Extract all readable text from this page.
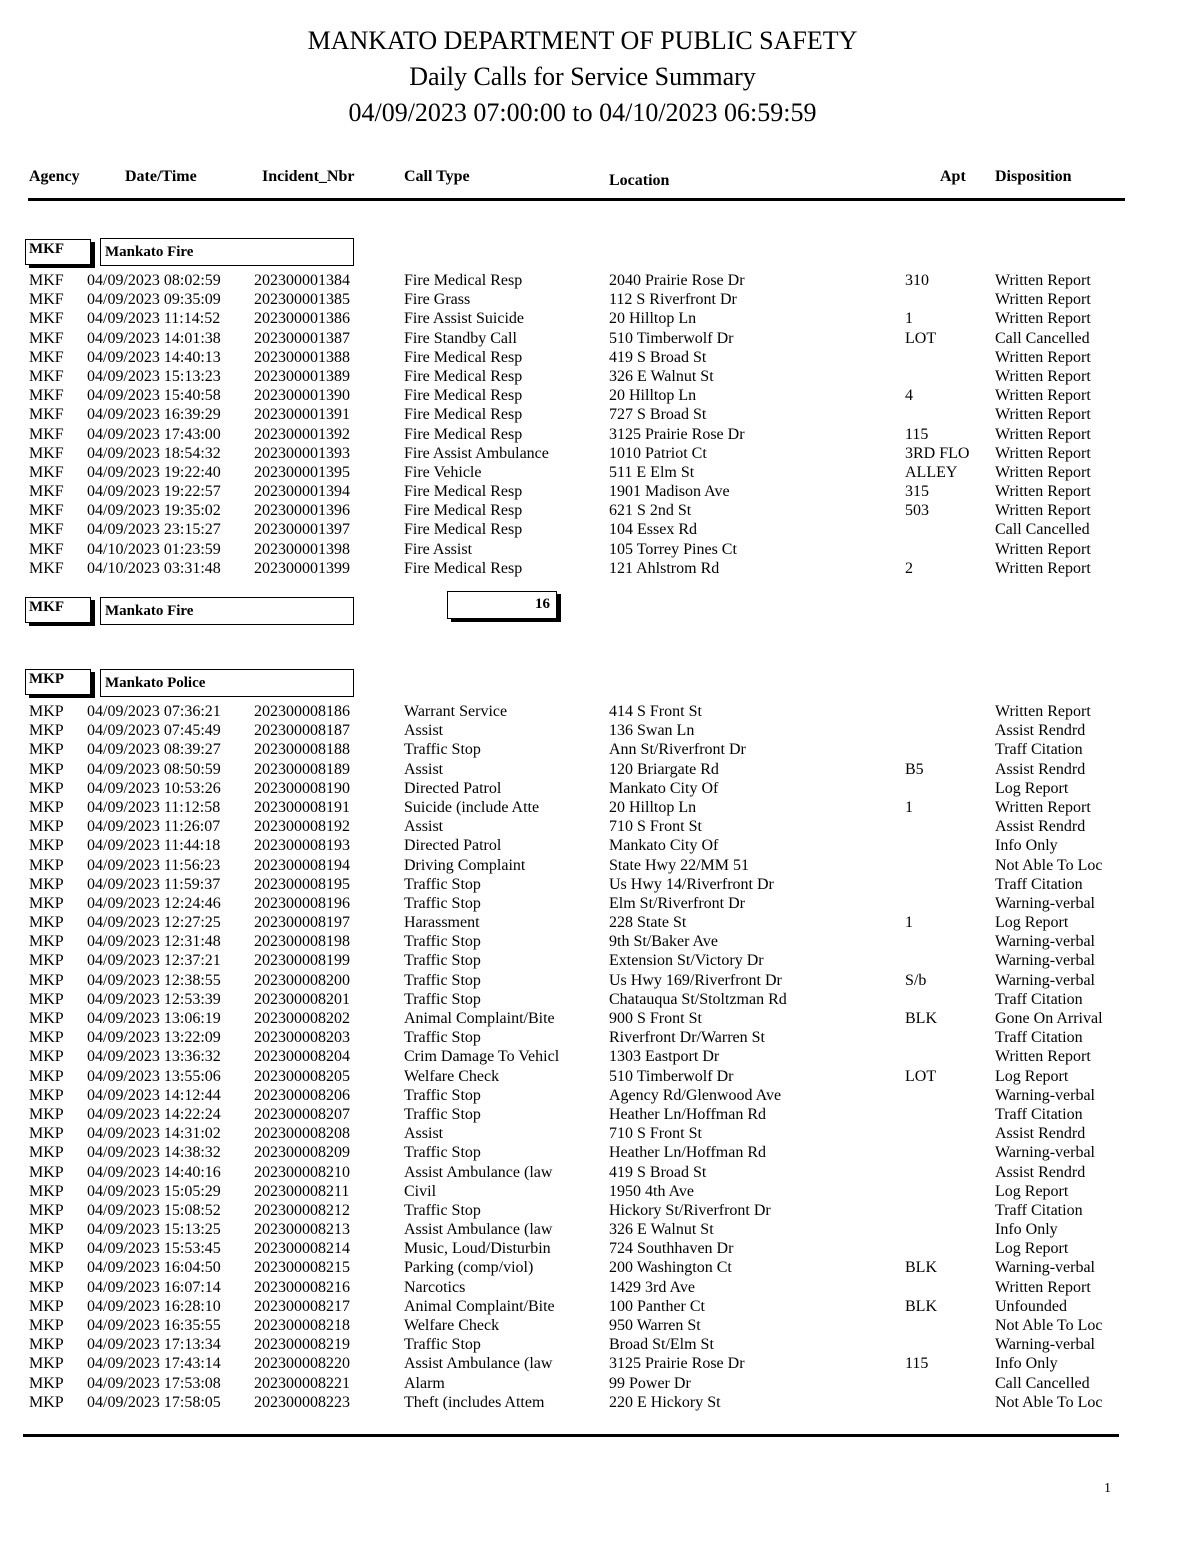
MANKATO DEPARTMENT OF PUBLIC SAFETY
Daily Calls for Service Summary
04/09/2023 07:00:00 to 04/10/2023 06:59:59
Agency	Date/Time	Incident_Nbr	Call Type	Location	Apt Disposition
MKF	Mankato Fire
MKF 04/09/2023 08:02:59 202300001384	Fire Medical Resp	2040 Prairie Rose Dr	310	Written Report
MKF 04/09/2023 09:35:09 202300001385	Fire Grass	112 S Riverfront Dr	Written Report
MKF 04/09/2023 11:14:52 202300001386	Fire Assist Suicide	20 Hilltop Ln	1	Written Report
MKF 04/09/2023 14:01:38 202300001387	Fire Standby Call	510 Timberwolf Dr	LOT	Call Cancelled
MKF 04/09/2023 14:40:13 202300001388	Fire Medical Resp	419 S Broad St	Written Report
MKF 04/09/2023 15:13:23 202300001389	Fire Medical Resp	326 E Walnut St	Written Report
MKF 04/09/2023 15:40:58 202300001390	Fire Medical Resp	20 Hilltop Ln	4	Written Report
MKF 04/09/2023 16:39:29 202300001391	Fire Medical Resp	727 S Broad St	Written Report
MKF 04/09/2023 17:43:00 202300001392	Fire Medical Resp	3125 Prairie Rose Dr	115	Written Report
MKF 04/09/2023 18:54:32 202300001393	Fire Assist Ambulance	1010 Patriot Ct	3RD FLO Written Report
MKF 04/09/2023 19:22:40 202300001395	Fire Vehicle	511 E Elm St	ALLEY Written Report
MKF 04/09/2023 19:22:57 202300001394	Fire Medical Resp	1901 Madison Ave	315	Written Report
MKF 04/09/2023 19:35:02 202300001396	Fire Medical Resp	621 S 2nd St	503	Written Report
MKF 04/09/2023 23:15:27 202300001397	Fire Medical Resp	104 Essex Rd	Call Cancelled
MKF 04/10/2023 01:23:59 202300001398	Fire Assist	105 Torrey Pines Ct	Written Report
MKF 04/10/2023 03:31:48 202300001399	Fire Medical Resp	121 Ahlstrom Rd	2	Written Report
MKF	Mankato Fire	16
MKP	Mankato Police
MKP 04/09/2023 07:36:21 202300008186	Warrant Service	414 S Front St	Written Report
MKP 04/09/2023 07:45:49 202300008187	Assist	136 Swan Ln	Assist Rendrd
MKP 04/09/2023 08:39:27 202300008188	Traffic Stop	Ann St/Riverfront Dr	Traff Citation
MKP 04/09/2023 08:50:59 202300008189	Assist	120 Briargate Rd	B5	Assist Rendrd
MKP 04/09/2023 10:53:26 202300008190	Directed Patrol	Mankato City Of	Log Report
MKP 04/09/2023 11:12:58 202300008191	Suicide (include Atte	20 Hilltop Ln	1	Written Report
MKP 04/09/2023 11:26:07 202300008192	Assist	710 S Front St	Assist Rendrd
MKP 04/09/2023 11:44:18 202300008193	Directed Patrol	Mankato City Of	Info Only
MKP 04/09/2023 11:56:23 202300008194	Driving Complaint	State Hwy 22/MM 51	Not Able To Loc
MKP 04/09/2023 11:59:37 202300008195	Traffic Stop	Us Hwy 14/Riverfront Dr	Traff Citation
MKP 04/09/2023 12:24:46 202300008196	Traffic Stop	Elm St/Riverfront Dr	Warning-verbal
MKP 04/09/2023 12:27:25 202300008197	Harassment	228 State St	1	Log Report
MKP 04/09/2023 12:31:48 202300008198	Traffic Stop	9th St/Baker Ave	Warning-verbal
MKP 04/09/2023 12:37:21 202300008199	Traffic Stop	Extension St/Victory Dr	Warning-verbal
MKP 04/09/2023 12:38:55 202300008200	Traffic Stop	Us Hwy 169/Riverfront Dr	S/b	Warning-verbal
MKP 04/09/2023 12:53:39 202300008201	Traffic Stop	Chatauqua St/Stoltzman Rd	Traff Citation
MKP 04/09/2023 13:06:19 202300008202	Animal Complaint/Bite	900 S Front St	BLK	Gone On Arrival
MKP 04/09/2023 13:22:09 202300008203	Traffic Stop	Riverfront Dr/Warren St	Traff Citation
MKP 04/09/2023 13:36:32 202300008204	Crim Damage To Vehicl	1303 Eastport Dr	Written Report
MKP 04/09/2023 13:55:06 202300008205	Welfare Check	510 Timberwolf Dr	LOT	Log Report
MKP 04/09/2023 14:12:44 202300008206	Traffic Stop	Agency Rd/Glenwood Ave	Warning-verbal
MKP 04/09/2023 14:22:24 202300008207	Traffic Stop	Heather Ln/Hoffman Rd	Traff Citation
MKP 04/09/2023 14:31:02 202300008208	Assist	710 S Front St	Assist Rendrd
MKP 04/09/2023 14:38:32 202300008209	Traffic Stop	Heather Ln/Hoffman Rd	Warning-verbal
MKP 04/09/2023 14:40:16 202300008210	Assist Ambulance (law	419 S Broad St	Assist Rendrd
MKP 04/09/2023 15:05:29 202300008211	Civil	1950 4th Ave	Log Report
MKP 04/09/2023 15:08:52 202300008212	Traffic Stop	Hickory St/Riverfront Dr	Traff Citation
MKP 04/09/2023 15:13:25 202300008213	Assist Ambulance (law	326 E Walnut St	Info Only
MKP 04/09/2023 15:53:45 202300008214	Music, Loud/Disturbin	724 Southhaven Dr	Log Report
MKP 04/09/2023 16:04:50 202300008215	Parking (comp/viol)	200 Washington Ct	BLK	Warning-verbal
MKP 04/09/2023 16:07:14 202300008216	Narcotics	1429 3rd Ave	Written Report
MKP 04/09/2023 16:28:10 202300008217	Animal Complaint/Bite	100 Panther Ct	BLK	Unfounded
MKP 04/09/2023 16:35:55 202300008218	Welfare Check	950 Warren St	Not Able To Loc
MKP 04/09/2023 17:13:34 202300008219	Traffic Stop	Broad St/Elm St	Warning-verbal
MKP 04/09/2023 17:43:14 202300008220	Assist Ambulance (law	3125 Prairie Rose Dr	115	Info Only
MKP 04/09/2023 17:53:08 202300008221	Alarm	99 Power Dr	Call Cancelled
MKP 04/09/2023 17:58:05 202300008223	Theft (includes Attem	220 E Hickory St	Not Able To Loc
1
